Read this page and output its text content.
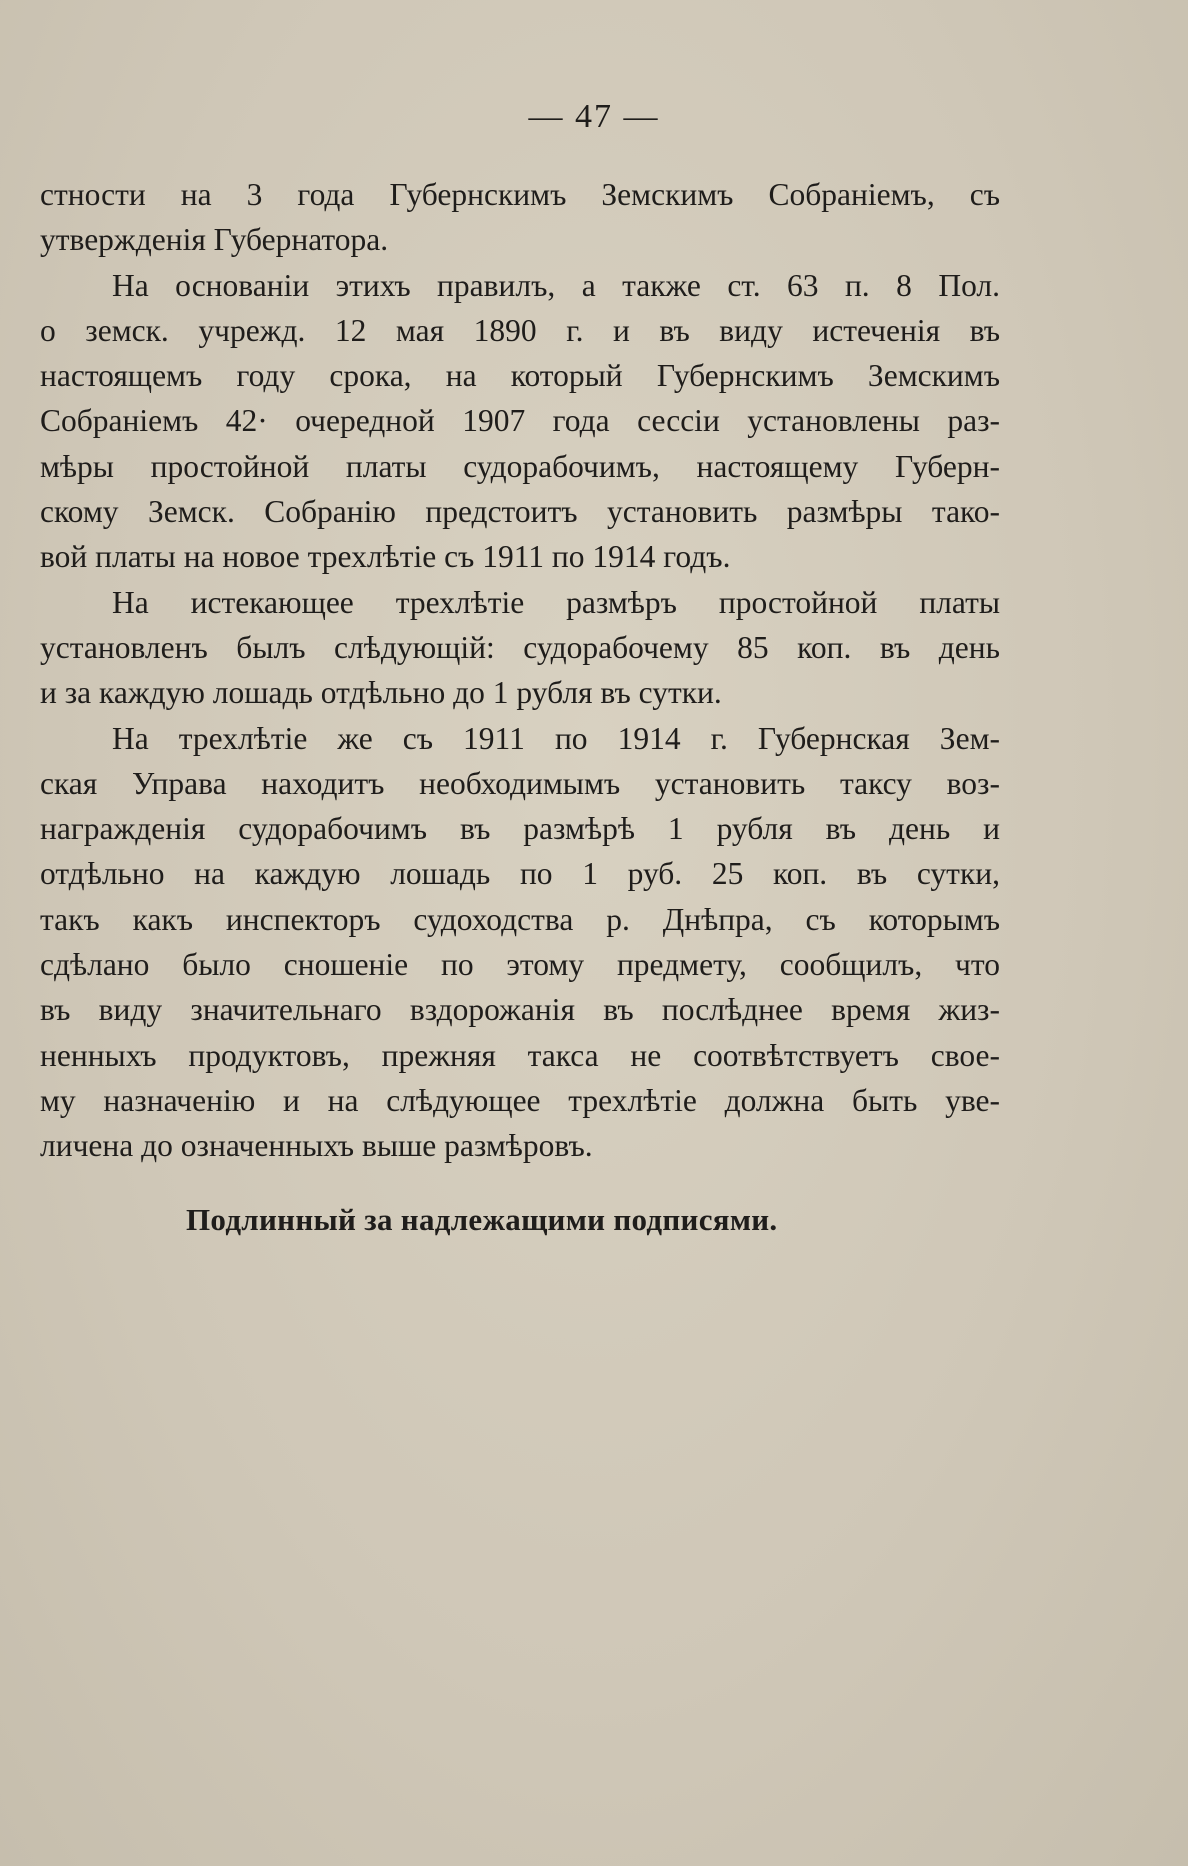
— 47 —
стности на 3 года Губернскимъ Земскимъ Собраніемъ, съ
утвержденія Губернатора.
На основаніи этихъ правилъ, а также ст. 63 п. 8 Пол.
о земск. учрежд. 12 мая 1890 г. и въ виду истеченія въ
настоящемъ году срока, на который Губернскимъ Земскимъ
Собраніемъ 42· очередной 1907 года сессіи установлены раз-
мѣры простойной платы судорабочимъ, настоящему Губерн-
скому Земск. Собранію предстоитъ установить размѣры тако-
вой платы на новое трехлѣтіе съ 1911 по 1914 годъ.
На истекающее трехлѣтіе размѣръ простойной платы
установленъ былъ слѣдующій: судорабочему 85 коп. въ день
и за каждую лошадь отдѣльно до 1 рубля въ сутки.
На трехлѣтіе же съ 1911 по 1914 г. Губернская Зем-
ская Управа находитъ необходимымъ установить таксу воз-
награжденія судорабочимъ въ размѣрѣ 1 рубля въ день и
отдѣльно на каждую лошадь по 1 руб. 25 коп. въ сутки,
такъ какъ инспекторъ судоходства р. Днѣпра, съ которымъ
сдѣлано было сношеніе по этому предмету, сообщилъ, что
въ виду значительнаго вздорожанія въ послѣднее время жиз-
ненныхъ продуктовъ, прежняя такса не соотвѣтствуетъ свое-
му назначенію и на слѣдующее трехлѣтіе должна быть уве-
личена до означенныхъ выше размѣровъ.
Подлинный за надлежащими подписями.
